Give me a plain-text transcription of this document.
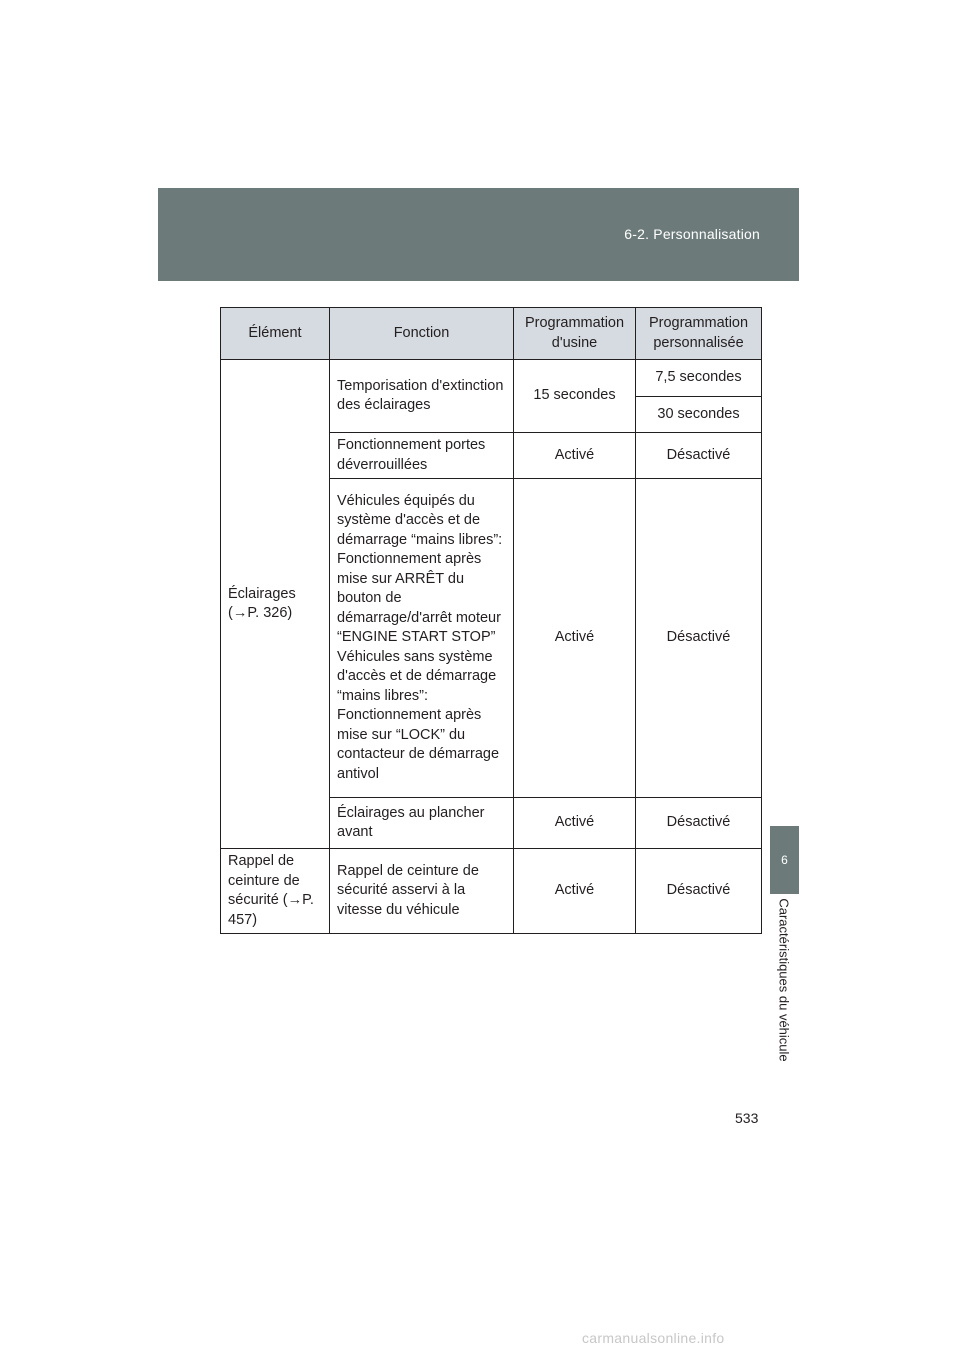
6-2. Personnalisation
6
Caractéristiques du véhicule
Élément	Fonction	Programmation d'usine	Programmation personnalisée
Éclairages (→P. 326)	Temporisation d'extinction des éclairages	15 secondes	7,5 secondes
			30 secondes
	Fonctionnement portes déverrouillées	Activé	Désactivé
	Véhicules équipés du système d'accès et de démarrage “mains libres”: Fonctionnement après mise sur ARRÊT du bouton de démarrage/d'arrêt moteur “ENGINE START STOP” Véhicules sans système d'accès et de démarrage “mains libres”: Fonctionnement après mise sur “LOCK” du contacteur de démarrage antivol	Activé	Désactivé
	Éclairages au plancher avant	Activé	Désactivé
Rappel de ceinture de sécurité (→P. 457)	Rappel de ceinture de sécurité asservi à la vitesse du véhicule	Activé	Désactivé
533
carmanualsonline.info
